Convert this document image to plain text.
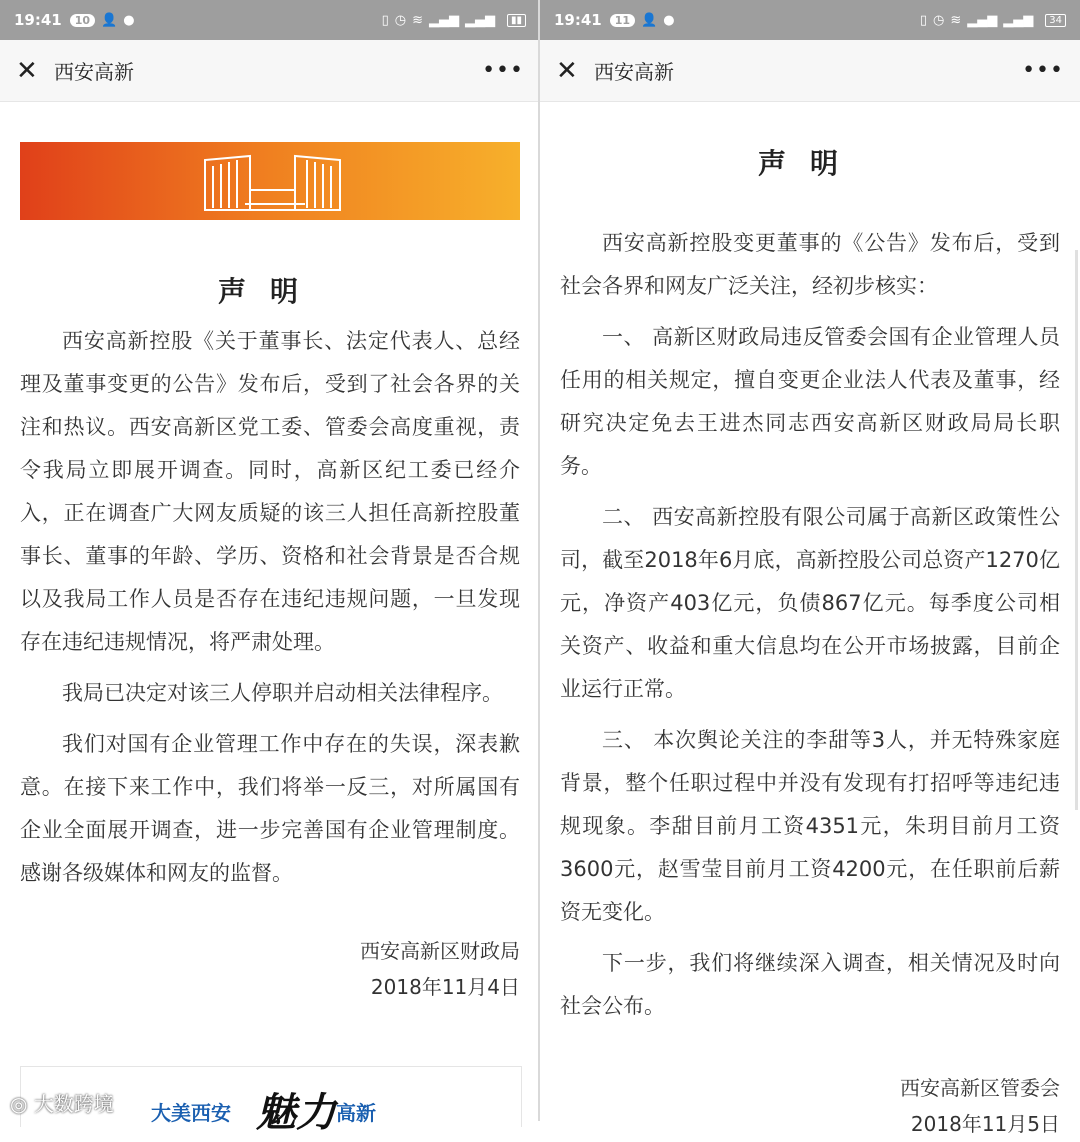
19:41	10 👤 ●	▯ ◷ ≋ ▂▄▆ ▂▄▆	▮▮
✕ 西安高新	•••
声明

西安高新控股《关于董事长、法定代表人、总经理及董事变更的公告》发布后，受到了社会各界的关注和热议。西安高新区党工委、管委会高度重视，责令我局立即展开调查。同时，高新区纪工委已经介入，正在调查广大网友质疑的该三人担任高新控股董事长、董事的年龄、学历、资格和社会背景是否合规以及我局工作人员是否存在违纪违规问题，一旦发现存在违纪违规情况，将严肃处理。

我局已决定对该三人停职并启动相关法律程序。

我们对国有企业管理工作中存在的失误，深表歉意。在接下来工作中，我们将举一反三，对所属国有企业全面展开调查，进一步完善国有企业管理制度。感谢各级媒体和网友的监督。

西安高新区财政局
2018年11月4日
大美西安 魅力 高新
◎ 大数跨境
19:41	11 👤 ●	▯ ◷ ≋ ▂▄▆ ▂▄▆	34
✕ 西安高新	•••
声明

西安高新控股变更董事的《公告》发布后，受到社会各界和网友广泛关注，经初步核实：

一、 高新区财政局违反管委会国有企业管理人员任用的相关规定，擅自变更企业法人代表及董事，经研究决定免去王进杰同志西安高新区财政局局长职务。

二、 西安高新控股有限公司属于高新区政策性公司，截至2018年6月底，高新控股公司总资产1270亿元，净资产403亿元，负债867亿元。每季度公司相关资产、收益和重大信息均在公开市场披露，目前企业运行正常。

三、 本次舆论关注的李甜等3人，并无特殊家庭背景，整个任职过程中并没有发现有打招呼等违纪违规现象。李甜目前月工资4351元，朱玥目前月工资3600元，赵雪莹目前月工资4200元，在任职前后薪资无变化。

下一步，我们将继续深入调查，相关情况及时向社会公布。

西安高新区管委会
2018年11月5日
